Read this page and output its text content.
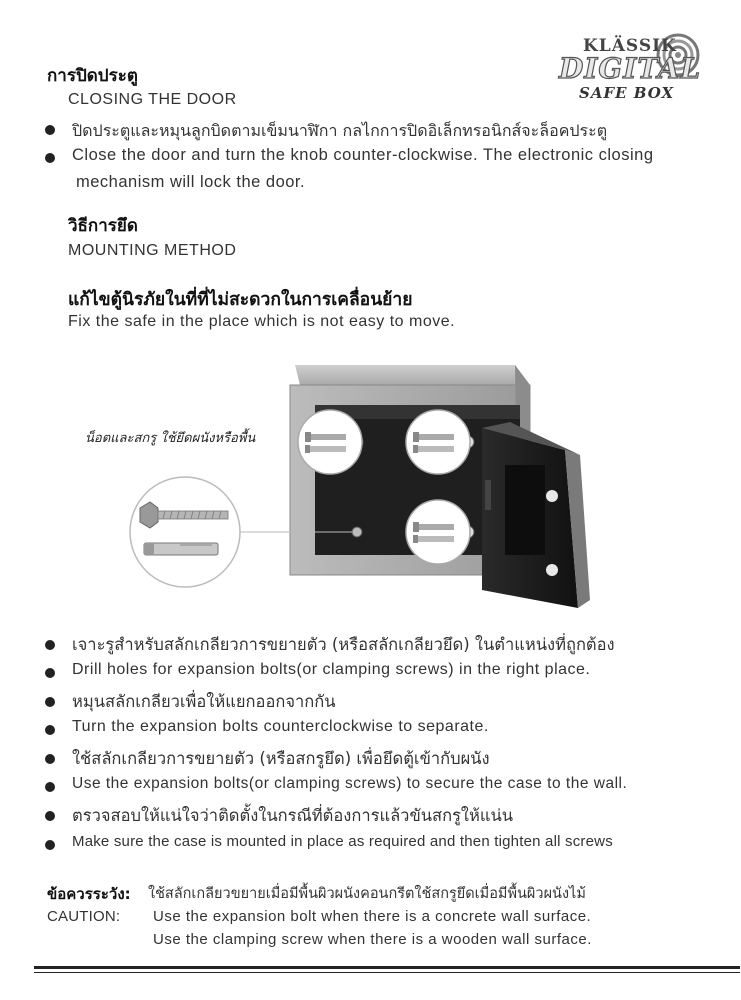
KLÄSSIK
DIGITAL
SAFE BOX
การปิดประตู
CLOSING THE DOOR
ปิดประตูและหมุนลูกบิดตามเข็มนาฬิกา กลไกการปิดอิเล็กทรอนิกส์จะล็อคประตู
Close the door and turn the knob counter-clockwise. The electronic closing
mechanism will lock the door.
วิธีการยึด
MOUNTING METHOD
แก้ไขตู้นิรภัยในที่ที่ไม่สะดวกในการเคลื่อนย้าย
Fix the safe in the place which is not easy to move.
น็อตและสกรู ใช้ยึดผนังหรือพื้น
เจาะรูสำหรับสลักเกลียวการขยายตัว (หรือสลักเกลียวยึด) ในตำแหน่งที่ถูกต้อง
Drill holes for expansion bolts(or clamping screws) in the right place.
หมุนสลักเกลียวเพื่อให้แยกออกจากกัน
Turn the expansion bolts counterclockwise to separate.
ใช้สลักเกลียวการขยายตัว (หรือสกรูยึด) เพื่อยึดตู้เข้ากับผนัง
Use the expansion bolts(or clamping screws) to secure the case to the wall.
ตรวจสอบให้แน่ใจว่าติดตั้งในกรณีที่ต้องการแล้วขันสกรูให้แน่น
Make sure the case is mounted in place as required and then tighten all screws
ข้อควรระวัง: ใช้สลักเกลียวขยายเมื่อมีพื้นผิวผนังคอนกรีตใช้สกรูยึดเมื่อมีพื้นผิวผนังไม้
CAUTION: Use the expansion bolt when there is a concrete wall surface.
Use the clamping screw when there is a wooden wall surface.
